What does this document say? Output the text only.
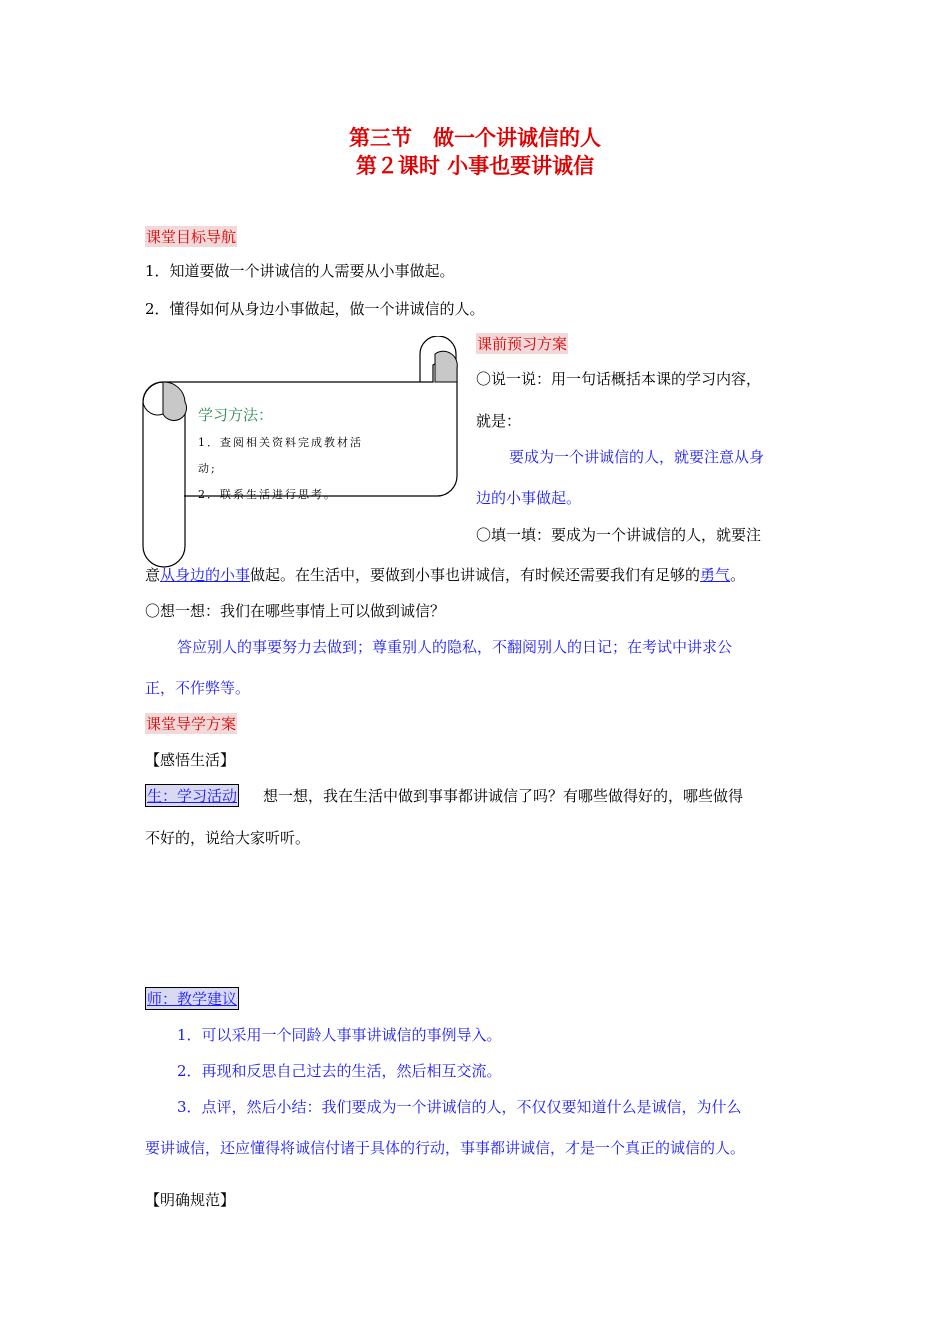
第三节　做一个讲诚信的人
第２课时 小事也要讲诚信
课堂目标导航
1．知道要做一个讲诚信的人需要从小事做起。
2．懂得如何从身边小事做起，做一个讲诚信的人。
学习方法：
1．查阅相关资料完成教材活
动;
2．联系生活进行思考。
课前预习方案
〇说一说：用一句话概括本课的学习内容，
就是：
要成为一个讲诚信的人，就要注意从身
边的小事做起。
〇填一填：要成为一个讲诚信的人，就要注
意从身边的小事做起。在生活中，要做到小事也讲诚信，有时候还需要我们有足够的勇气。
〇想一想：我们在哪些事情上可以做到诚信？
答应别人的事要努力去做到；尊重别人的隐私，不翻阅别人的日记；在考试中讲求公
正，不作弊等。
课堂导学方案
【感悟生活】
生：学习活动 想一想，我在生活中做到事事都讲诚信了吗？有哪些做得好的，哪些做得
不好的，说给大家听听。
师：教学建议
1．可以采用一个同龄人事事讲诚信的事例导入。
2．再现和反思自己过去的生活，然后相互交流。
3．点评，然后小结：我们要成为一个讲诚信的人，不仅仅要知道什么是诚信，为什么
要讲诚信，还应懂得将诚信付诸于具体的行动，事事都讲诚信，才是一个真正的诚信的人。
【明确规范】
